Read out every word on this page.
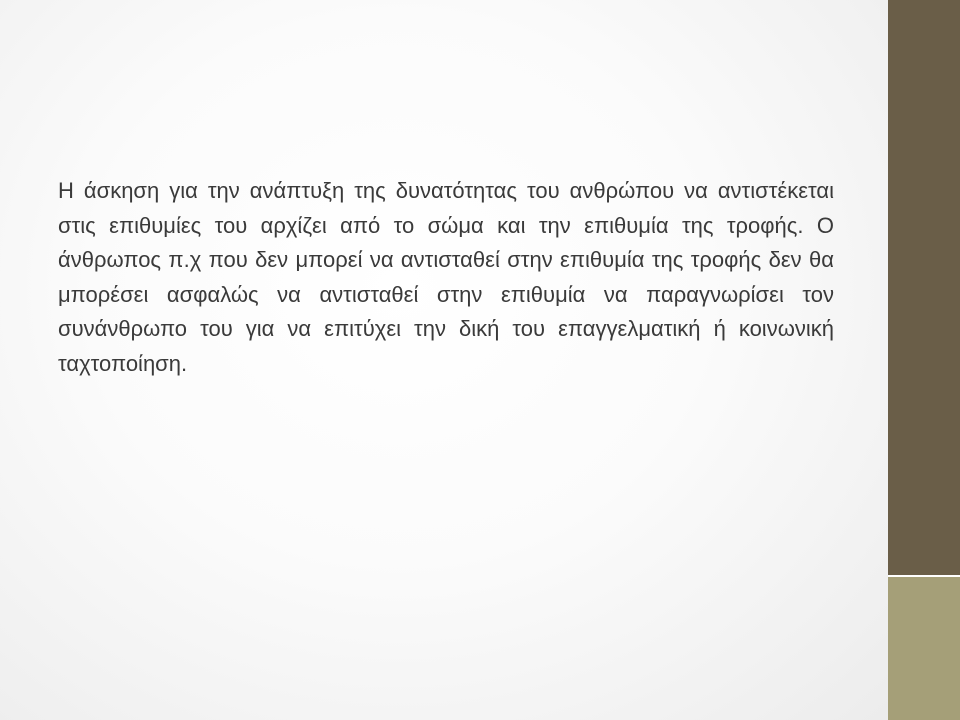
Η άσκηση για την ανάπτυξη της δυνατότητας του ανθρώπου να αντιστέκεται στις επιθυμίες του αρχίζει από το σώμα και την επιθυμία της τροφής. Ο άνθρωπος π.χ που δεν μπορεί να αντισταθεί στην επιθυμία της τροφής δεν θα μπορέσει ασφαλώς να αντισταθεί στην επιθυμία να παραγνωρίσει τον συνάνθρωπο του για να επιτύχει την δική του επαγγελματική ή κοινωνική ταχτοποίηση.
